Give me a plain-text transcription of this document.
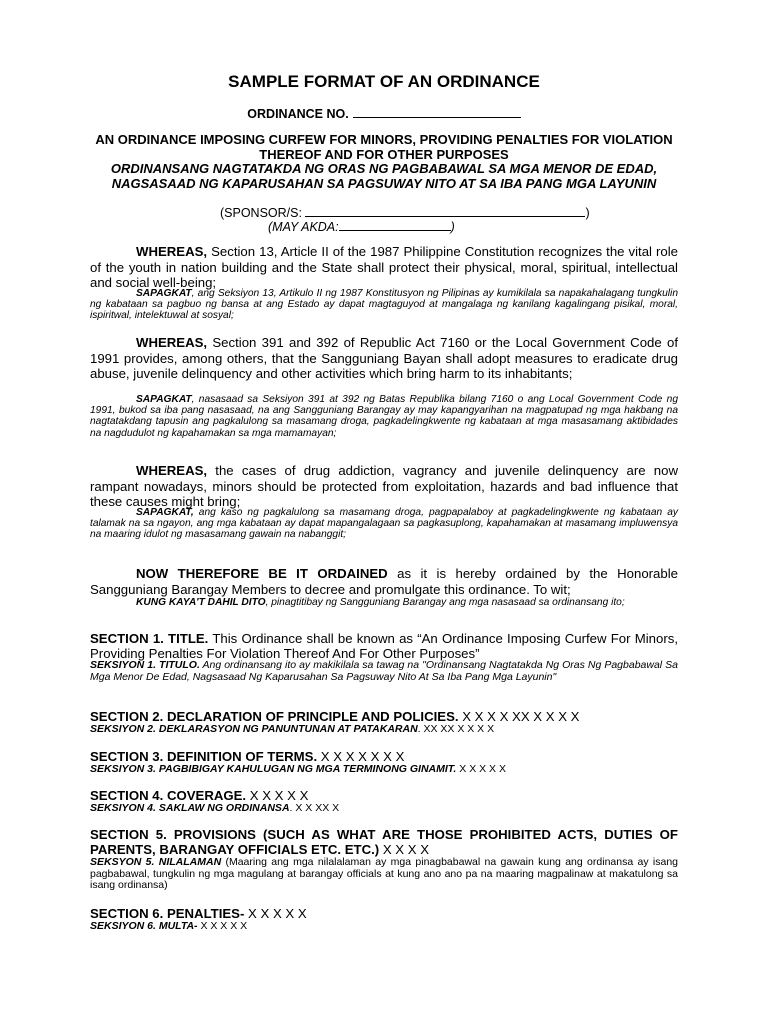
SAMPLE FORMAT OF AN ORDINANCE
ORDINANCE NO.
AN ORDINANCE IMPOSING CURFEW FOR MINORS, PROVIDING PENALTIES FOR VIOLATION THEREOF AND FOR OTHER PURPOSES
ORDINANSANG NAGTATAKDA NG ORAS NG PAGBABAWAL SA MGA MENOR DE EDAD, NAGSASAAD NG KAPARUSAHAN SA PAGSUWAY NITO AT SA IBA PANG MGA LAYUNIN
(SPONSOR/S:	)
(MAY AKDA:	)
WHEREAS, Section 13, Article II of the 1987 Philippine Constitution recognizes the vital role of the youth in nation building and the State shall protect their physical, moral, spiritual, intellectual and social well-being;
SAPAGKAT, ang Seksiyon 13, Artikulo II ng 1987 Konstitusyon ng Pilipinas ay kumikilala sa napakahalagang tungkulin ng kabataan sa pagbuo ng bansa at ang Estado ay dapat magtaguyod at mangalaga ng kanilang kagalingang pisikal, moral, ispiritwal, intelektuwal at sosyal;
WHEREAS, Section 391 and 392 of Republic Act 7160 or the Local Government Code of 1991 provides, among others, that the Sangguniang Bayan shall adopt measures to eradicate drug abuse, juvenile delinquency and other activities which bring harm to its inhabitants;
SAPAGKAT, nasasaad sa Seksiyon 391 at 392 ng Batas Republika bilang 7160 o ang Local Government Code ng 1991, bukod sa iba pang nasasaad, na ang Sangguniang Barangay ay may kapangyarihan na magpatupad ng mga hakbang na nagtatakdang tapusin ang pagkalulong sa masamang droga, pagkadelingkwente ng kabataan at mga masasamang aktibidades na nagdudulot ng kapahamakan sa mga mamamayan;
WHEREAS, the cases of drug addiction, vagrancy and juvenile delinquency are now rampant nowadays, minors should be protected from exploitation, hazards and bad influence that these causes might bring;
SAPAGKAT, ang kaso ng pagkalulong sa masamang droga, pagpapalaboy at pagkadelingkwente ng kabataan ay talamak na sa ngayon, ang mga kabataan ay dapat mapangalagaan sa pagkasuplong, kapahamakan at masamang impluwensya na maaring idulot ng masasamang gawain na nabanggit;
NOW THEREFORE BE IT ORDAINED as it is hereby ordained by the Honorable Sangguniang Barangay Members to decree and promulgate this ordinance. To wit;
KUNG KAYA'T DAHIL DITO, pinagtitibay ng Sangguniang Barangay ang mga nasasaad sa ordinansang ito;
SECTION 1. TITLE. This Ordinance shall be known as “An Ordinance Imposing Curfew For Minors, Providing Penalties For Violation Thereof And For Other Purposes”
SEKSIYON 1. TITULO. Ang ordinansang ito ay makikilala sa tawag na "Ordinansang Nagtatakda Ng Oras Ng Pagbabawal Sa Mga Menor De Edad, Nagsasaad Ng Kaparusahan Sa Pagsuway Nito At Sa Iba Pang Mga Layunin"
SECTION 2. DECLARATION OF PRINCIPLE AND POLICIES. X X X X XX X X X X
SEKSIYON 2. DEKLARASYON NG PANUNTUNAN AT PATAKARAN. XX XX X X X X
SECTION 3. DEFINITION OF TERMS. X X X X X X X
SEKSIYON 3. PAGBIBIGAY KAHULUGAN NG MGA TERMINONG GINAMIT. X X X X X
SECTION 4. COVERAGE. X X X X X
SEKSIYON 4. SAKLAW NG ORDINANSA. X X XX X
SECTION 5. PROVISIONS (SUCH AS WHAT ARE THOSE PROHIBITED ACTS, DUTIES OF PARENTS, BARANGAY OFFICIALS ETC. ETC.) X X X X
SEKSYON 5. NILALAMAN (Maaring ang mga nilalalaman ay mga pinagbabawal na gawain kung ang ordinansa ay isang pagbabawal, tungkulin ng mga magulang at barangay officials at kung ano ano pa na maaring magpalinaw at makatulong sa isang ordinansa)
SECTION 6. PENALTIES- X X X X X
SEKSIYON 6. MULTA- X X X X X
